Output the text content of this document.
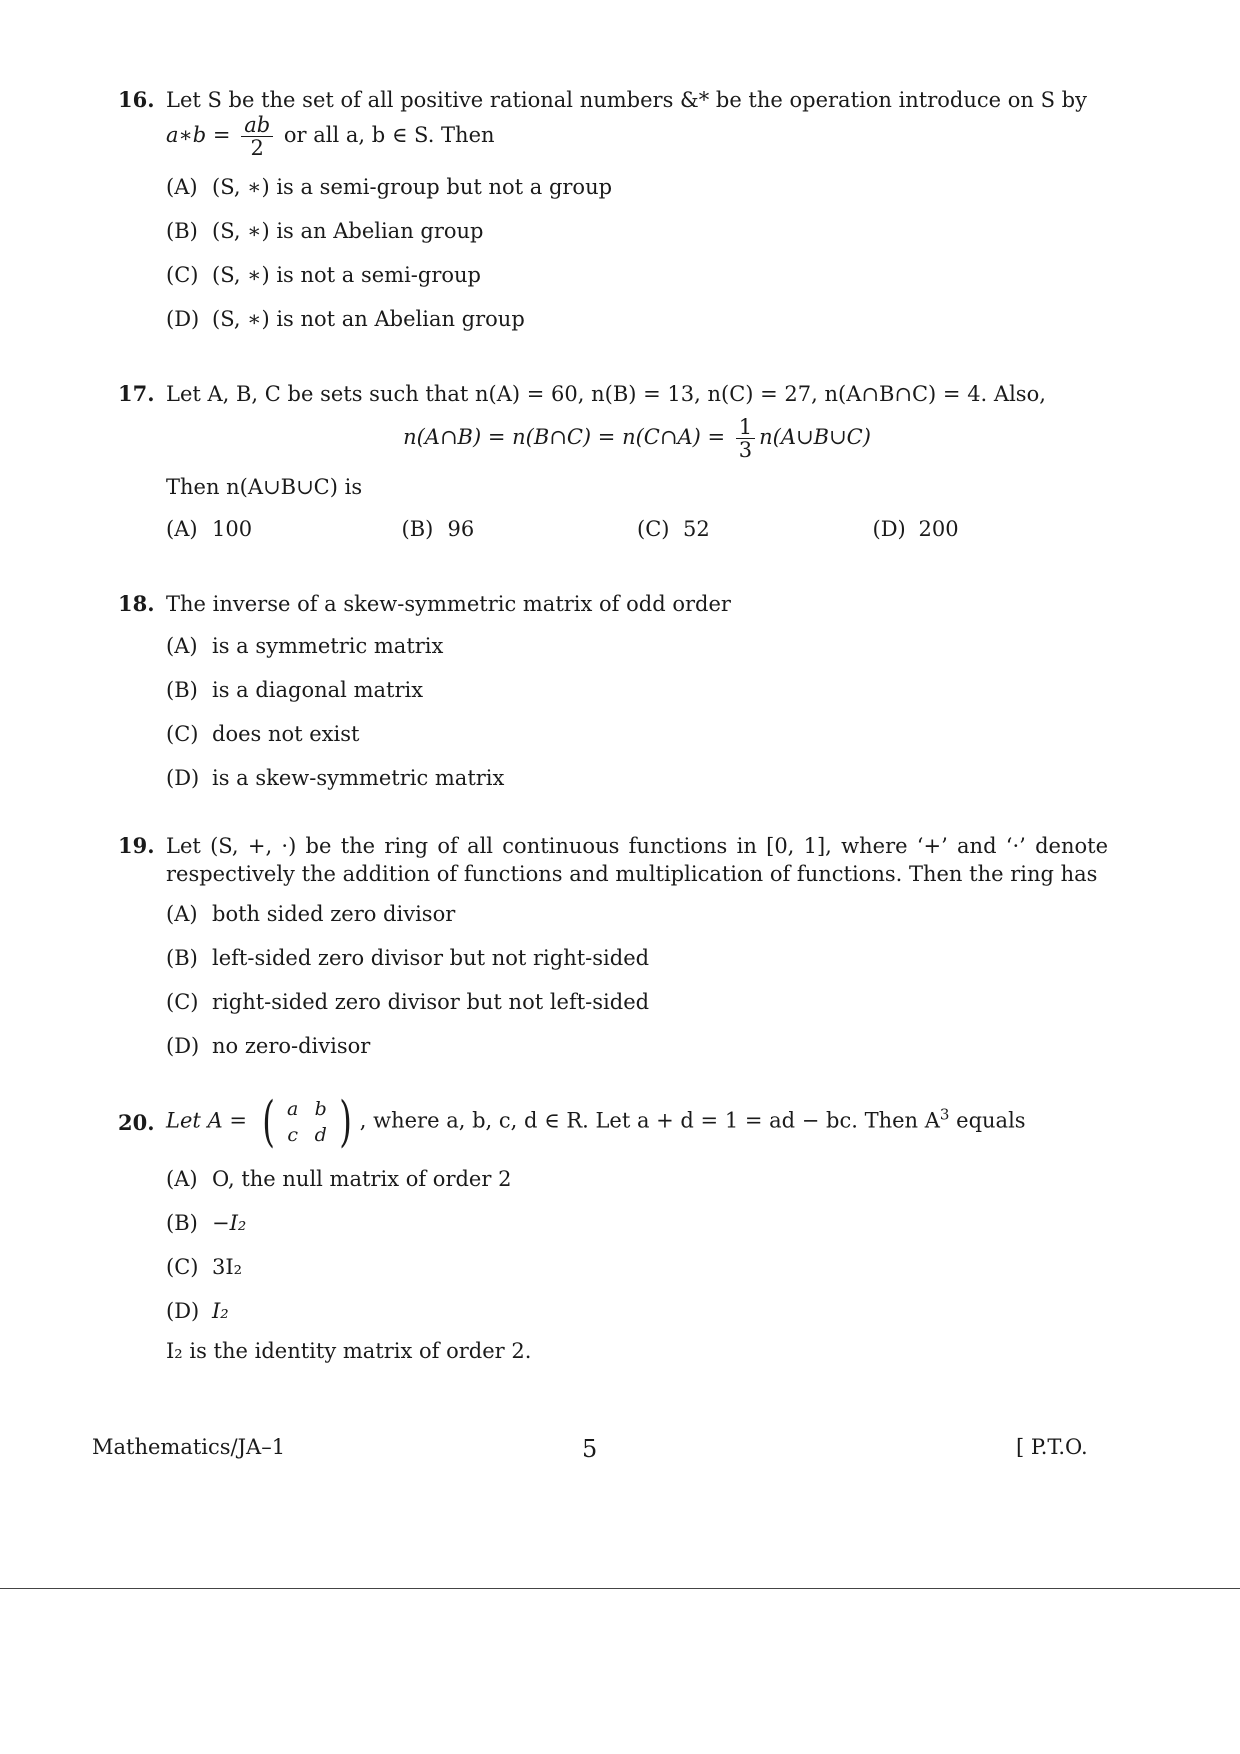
16. Let S be the set of all positive rational numbers &* be the operation introduce on S by
a∗b = $\frac{ab}{2}$ or all a, b ∈ S. Then
(A) (S, ∗) is a semi-group but not a group
(B) (S, ∗) is an Abelian group
(C) (S, ∗) is not a semi-group
(D) (S, ∗) is not an Abelian group
17. Let A, B, C be sets such that n(A) = 60, n(B) = 13, n(C) = 27, n(A∩B∩C) = 4. Also,
n(A∩B) = n(B∩C) = n(C∩A) = $\frac{1}{3}$ n(A∪B∪C)
Then n(A∪B∪C) is
(A) 100	(B) 96	(C) 52	(D) 200
18. The inverse of a skew-symmetric matrix of odd order
(A) is a symmetric matrix
(B) is a diagonal matrix
(C) does not exist
(D) is a skew-symmetric matrix
19. Let (S, +, ·) be the ring of all continuous functions in [0, 1], where ‘+’ and ‘·’ denote respectively the addition of functions and multiplication of functions. Then the ring has
(A) both sided zero divisor
(B) left-sided zero divisor but not right-sided
(C) right-sided zero divisor but not left-sided
(D) no zero-divisor
20. Let A = ( a b
c d ) , where a, b, c, d ∈ R. Let a + d = 1 = ad − bc. Then $A^3$ equals
(A) O, the null matrix of order 2
(B) −I₂
(C) 3I₂
(D) I₂
I₂ is the identity matrix of order 2.
Mathematics/JA–1	5	[ P.T.O.
